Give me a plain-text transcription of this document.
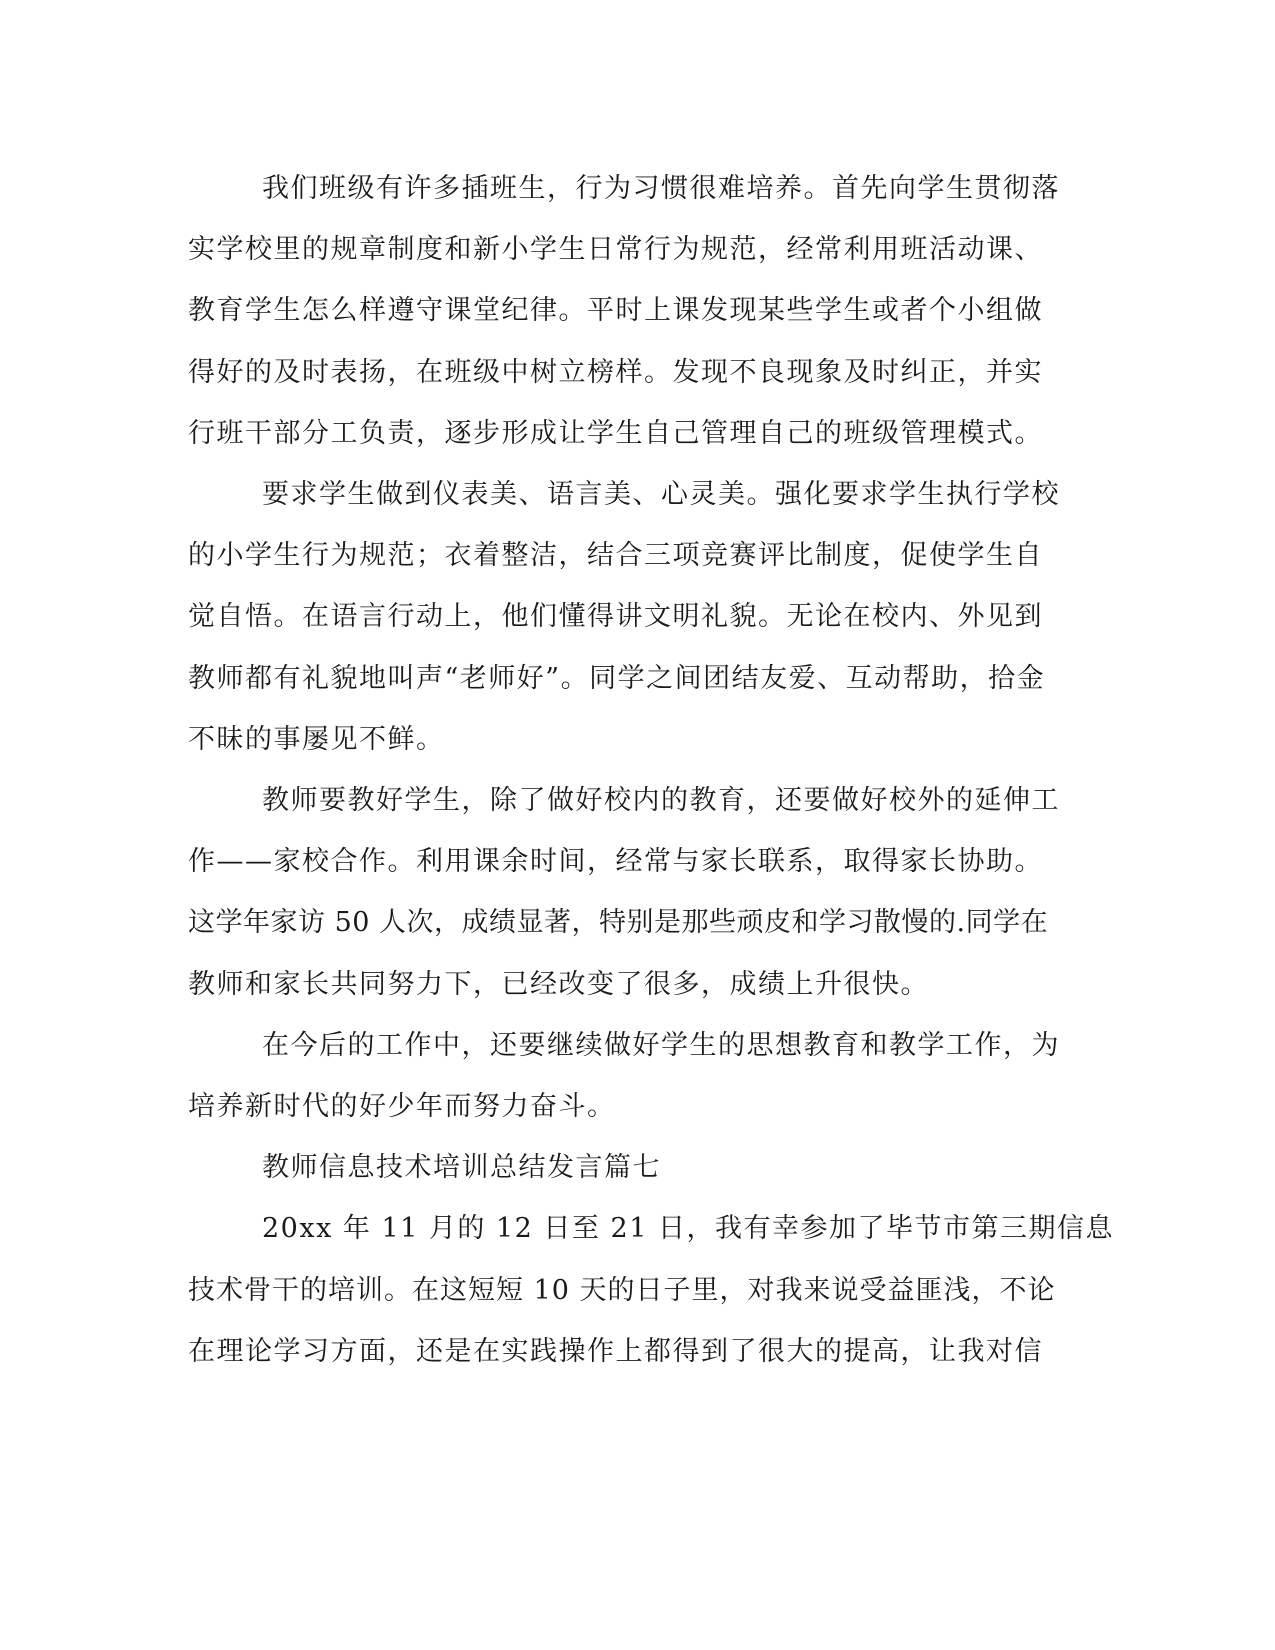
我们班级有许多插班生，行为习惯很难培养。首先向学生贯彻落
实学校里的规章制度和新小学生日常行为规范，经常利用班活动课、
教育学生怎么样遵守课堂纪律。平时上课发现某些学生或者个小组做
得好的及时表扬，在班级中树立榜样。发现不良现象及时纠正，并实
行班干部分工负责，逐步形成让学生自己管理自己的班级管理模式。

要求学生做到仪表美、语言美、心灵美。强化要求学生执行学校
的小学生行为规范；衣着整洁，结合三项竞赛评比制度，促使学生自
觉自悟。在语言行动上，他们懂得讲文明礼貌。无论在校内、外见到
教师都有礼貌地叫声“老师好”。同学之间团结友爱、互动帮助，拾金
不昧的事屡见不鲜。

教师要教好学生，除了做好校内的教育，还要做好校外的延伸工
作——家校合作。利用课余时间，经常与家长联系，取得家长协助。
这学年家访 50 人次，成绩显著，特别是那些顽皮和学习散慢的.同学在
教师和家长共同努力下，已经改变了很多，成绩上升很快。

在今后的工作中，还要继续做好学生的思想教育和教学工作，为
培养新时代的好少年而努力奋斗。

教师信息技术培训总结发言篇七

20xx 年 11 月的 12 日至 21 日，我有幸参加了毕节市第三期信息
技术骨干的培训。在这短短 10 天的日子里，对我来说受益匪浅，不论
在理论学习方面，还是在实践操作上都得到了很大的提高，让我对信
